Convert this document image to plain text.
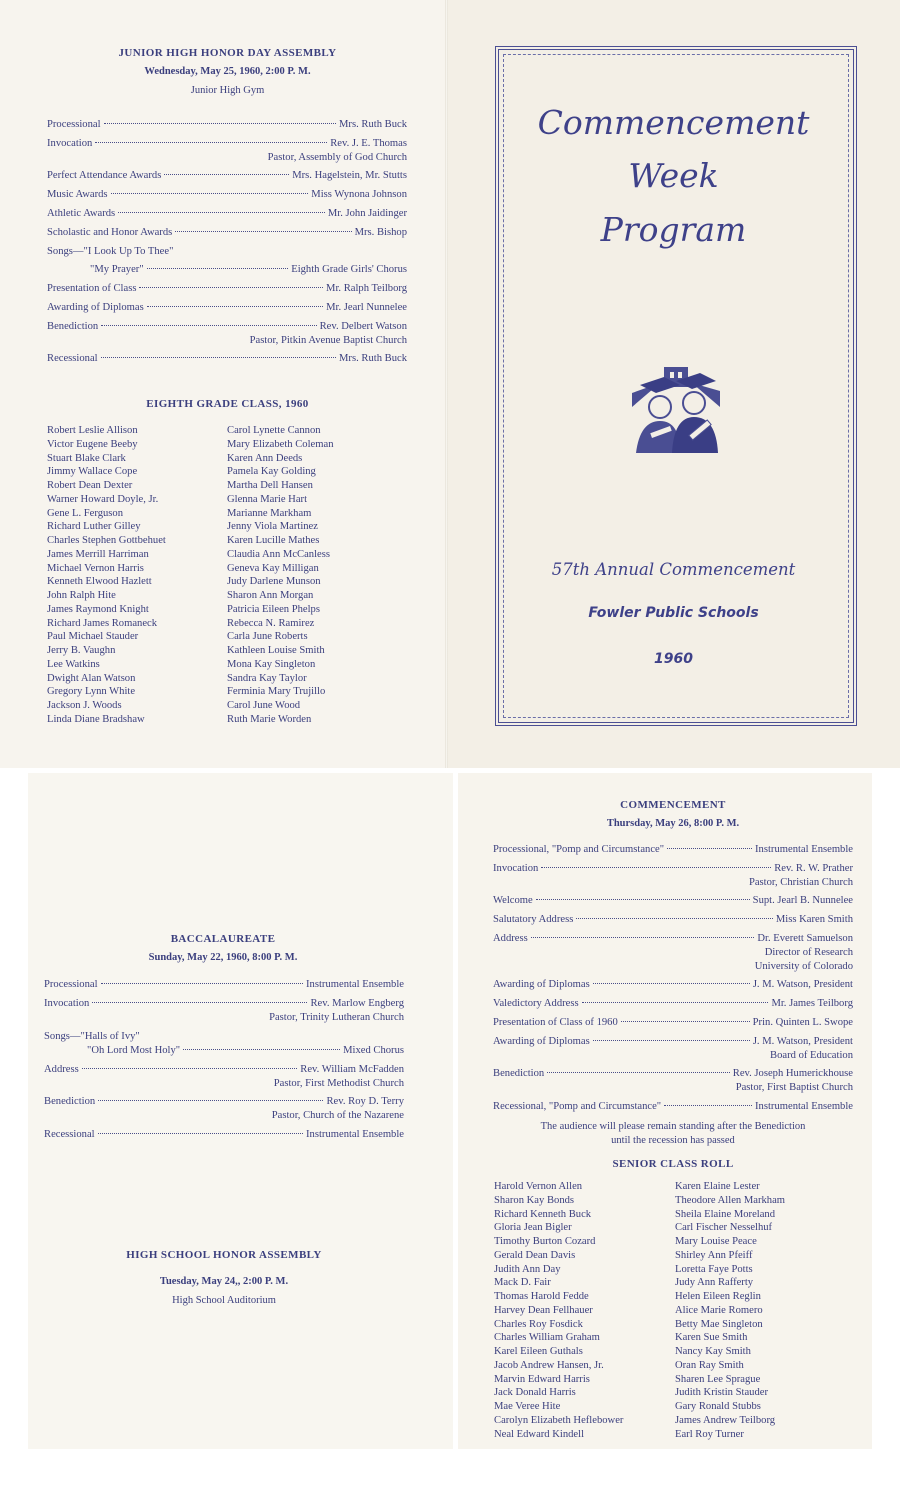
JUNIOR HIGH HONOR DAY ASSEMBLY
Wednesday, May 25, 1960, 2:00 P. M.
Junior High Gym
Processional	Mrs. Ruth Buck
Invocation	Rev. J. E. Thomas
Pastor, Assembly of God Church
Perfect Attendance Awards	Mrs. Hagelstein, Mr. Stutts
Music Awards	Miss Wynona Johnson
Athletic Awards	Mr. John Jaidinger
Scholastic and Honor Awards	Mrs. Bishop
Songs—"I Look Up To Thee"
"My Prayer"	Eighth Grade Girls' Chorus
Presentation of Class	Mr. Ralph Teilborg
Awarding of Diplomas	Mr. Jearl Nunnelee
Benediction	Rev. Delbert Watson
Pastor, Pitkin Avenue Baptist Church
Recessional	Mrs. Ruth Buck
EIGHTH GRADE CLASS, 1960
Robert Leslie Allison
Victor Eugene Beeby
Stuart Blake Clark
Jimmy Wallace Cope
Robert Dean Dexter
Warner Howard Doyle, Jr.
Gene L. Ferguson
Richard Luther Gilley
Charles Stephen Gottbehuet
James Merrill Harriman
Michael Vernon Harris
Kenneth Elwood Hazlett
John Ralph Hite
James Raymond Knight
Richard James Romaneck
Paul Michael Stauder
Jerry B. Vaughn
Lee Watkins
Dwight Alan Watson
Gregory Lynn White
Jackson J. Woods
Linda Diane Bradshaw
Carol Lynette Cannon
Mary Elizabeth Coleman
Karen Ann Deeds
Pamela Kay Golding
Martha Dell Hansen
Glenna Marie Hart
Marianne Markham
Jenny Viola Martinez
Karen Lucille Mathes
Claudia Ann McCanless
Geneva Kay Milligan
Judy Darlene Munson
Sharon Ann Morgan
Patricia Eileen Phelps
Rebecca N. Ramirez
Carla June Roberts
Kathleen Louise Smith
Mona Kay Singleton
Sandra Kay Taylor
Ferminia Mary Trujillo
Carol June Wood
Ruth Marie Worden
Commencement
Week
Program
57th Annual Commencement
Fowler Public Schools
1960
BACCALAUREATE
Sunday, May 22, 1960, 8:00 P. M.
Processional	Instrumental Ensemble
Invocation	Rev. Marlow Engberg
Pastor, Trinity Lutheran Church
Songs—"Halls of Ivy"
"Oh Lord Most Holy"	Mixed Chorus
Address	Rev. William McFadden
Pastor, First Methodist Church
Benediction	Rev. Roy D. Terry
Pastor, Church of the Nazarene
Recessional	Instrumental Ensemble
HIGH SCHOOL HONOR ASSEMBLY
Tuesday, May 24,, 2:00 P. M.
High School Auditorium
COMMENCEMENT
Thursday, May 26, 8:00 P. M.
Processional, "Pomp and Circumstance"	Instrumental Ensemble
Invocation	Rev. R. W. Prather
Pastor, Christian Church
Welcome	Supt. Jearl B. Nunnelee
Salutatory Address	Miss Karen Smith
Address	Dr. Everett Samuelson
Director of Research
University of Colorado
Awarding of Diplomas	J. M. Watson, President
Valedictory Address	Mr. James Teilborg
Presentation of Class of 1960	Prin. Quinten L. Swope
Awarding of Diplomas	J. M. Watson, President
Board of Education
Benediction	Rev. Joseph Humerickhouse
Pastor, First Baptist Church
Recessional, "Pomp and Circumstance"	Instrumental Ensemble
The audience will please remain standing after the Benediction
until the recession has passed
SENIOR CLASS ROLL
Harold Vernon Allen
Sharon Kay Bonds
Richard Kenneth Buck
Gloria Jean Bigler
Timothy Burton Cozard
Gerald Dean Davis
Judith Ann Day
Mack D. Fair
Thomas Harold Fedde
Harvey Dean Fellhauer
Charles Roy Fosdick
Charles William Graham
Karel Eileen Guthals
Jacob Andrew Hansen, Jr.
Marvin Edward Harris
Jack Donald Harris
Mae Veree Hite
Carolyn Elizabeth Heflebower
Neal Edward Kindell
Karen Elaine Lester
Theodore Allen Markham
Sheila Elaine Moreland
Carl Fischer Nesselhuf
Mary Louise Peace
Shirley Ann Pfeiff
Loretta Faye Potts
Judy Ann Rafferty
Helen Eileen Reglin
Alice Marie Romero
Betty Mae Singleton
Karen Sue Smith
Nancy Kay Smith
Oran Ray Smith
Sharen Lee Sprague
Judith Kristin Stauder
Gary Ronald Stubbs
James Andrew Teilborg
Earl Roy Turner
